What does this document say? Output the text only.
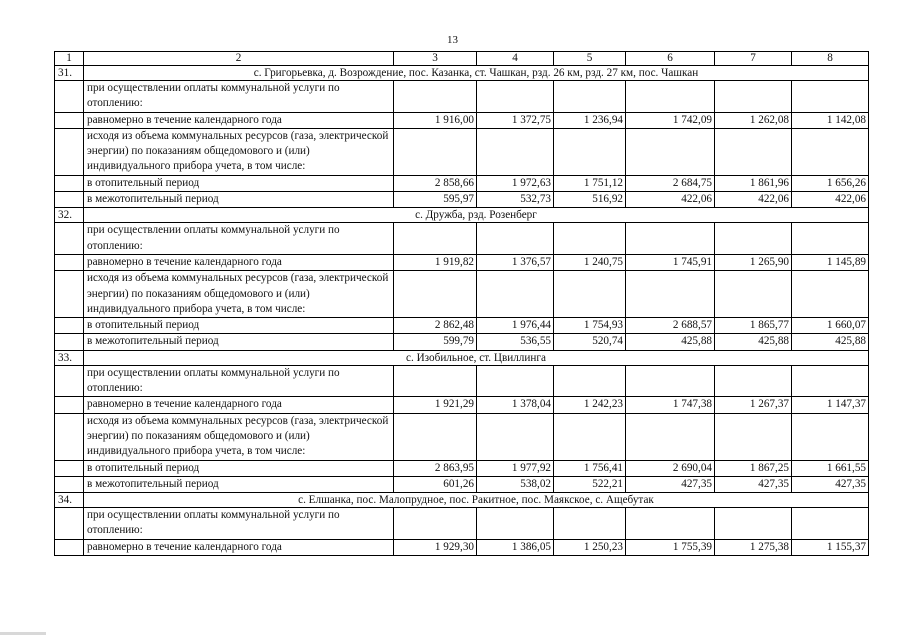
13
1	2	3	4	5	6	7	8
31.	с. Григорьевка, д. Возрождение, пос. Казанка, ст. Чашкан, рзд. 26 км, рзд. 27 км, пос. Чашкан						
	при осуществлении оплаты коммунальной услуги по отоплению:						
	равномерно в течение календарного года	1 916,00	1 372,75	1 236,94	1 742,09	1 262,08	1 142,08
	исходя из объема коммунальных ресурсов (газа, электрической энергии) по показаниям общедомового и (или) индивидуального прибора учета, в том числе:						
	в отопительный период	2 858,66	1 972,63	1 751,12	2 684,75	1 861,96	1 656,26
	в межотопительный период	595,97	532,73	516,92	422,06	422,06	422,06
32.	с. Дружба, рзд. Розенберг						
	при осуществлении оплаты коммунальной услуги по отоплению:						
	равномерно в течение календарного года	1 919,82	1 376,57	1 240,75	1 745,91	1 265,90	1 145,89
	исходя из объема коммунальных ресурсов (газа, электрической энергии) по показаниям общедомового и (или) индивидуального прибора учета, в том числе:						
	в отопительный период	2 862,48	1 976,44	1 754,93	2 688,57	1 865,77	1 660,07
	в межотопительный период	599,79	536,55	520,74	425,88	425,88	425,88
33.	с. Изобильное, ст. Цвиллинга						
	при осуществлении оплаты коммунальной услуги по отоплению:						
	равномерно в течение календарного года	1 921,29	1 378,04	1 242,23	1 747,38	1 267,37	1 147,37
	исходя из объема коммунальных ресурсов (газа, электрической энергии) по показаниям общедомового и (или) индивидуального прибора учета, в том числе:						
	в отопительный период	2 863,95	1 977,92	1 756,41	2 690,04	1 867,25	1 661,55
	в межотопительный период	601,26	538,02	522,21	427,35	427,35	427,35
34.	с. Елшанка, пос. Малопрудное, пос. Ракитное, пос. Маякское, с. Ащебутак						
	при осуществлении оплаты коммунальной услуги по отоплению:						
	равномерно в течение календарного года	1 929,30	1 386,05	1 250,23	1 755,39	1 275,38	1 155,37
